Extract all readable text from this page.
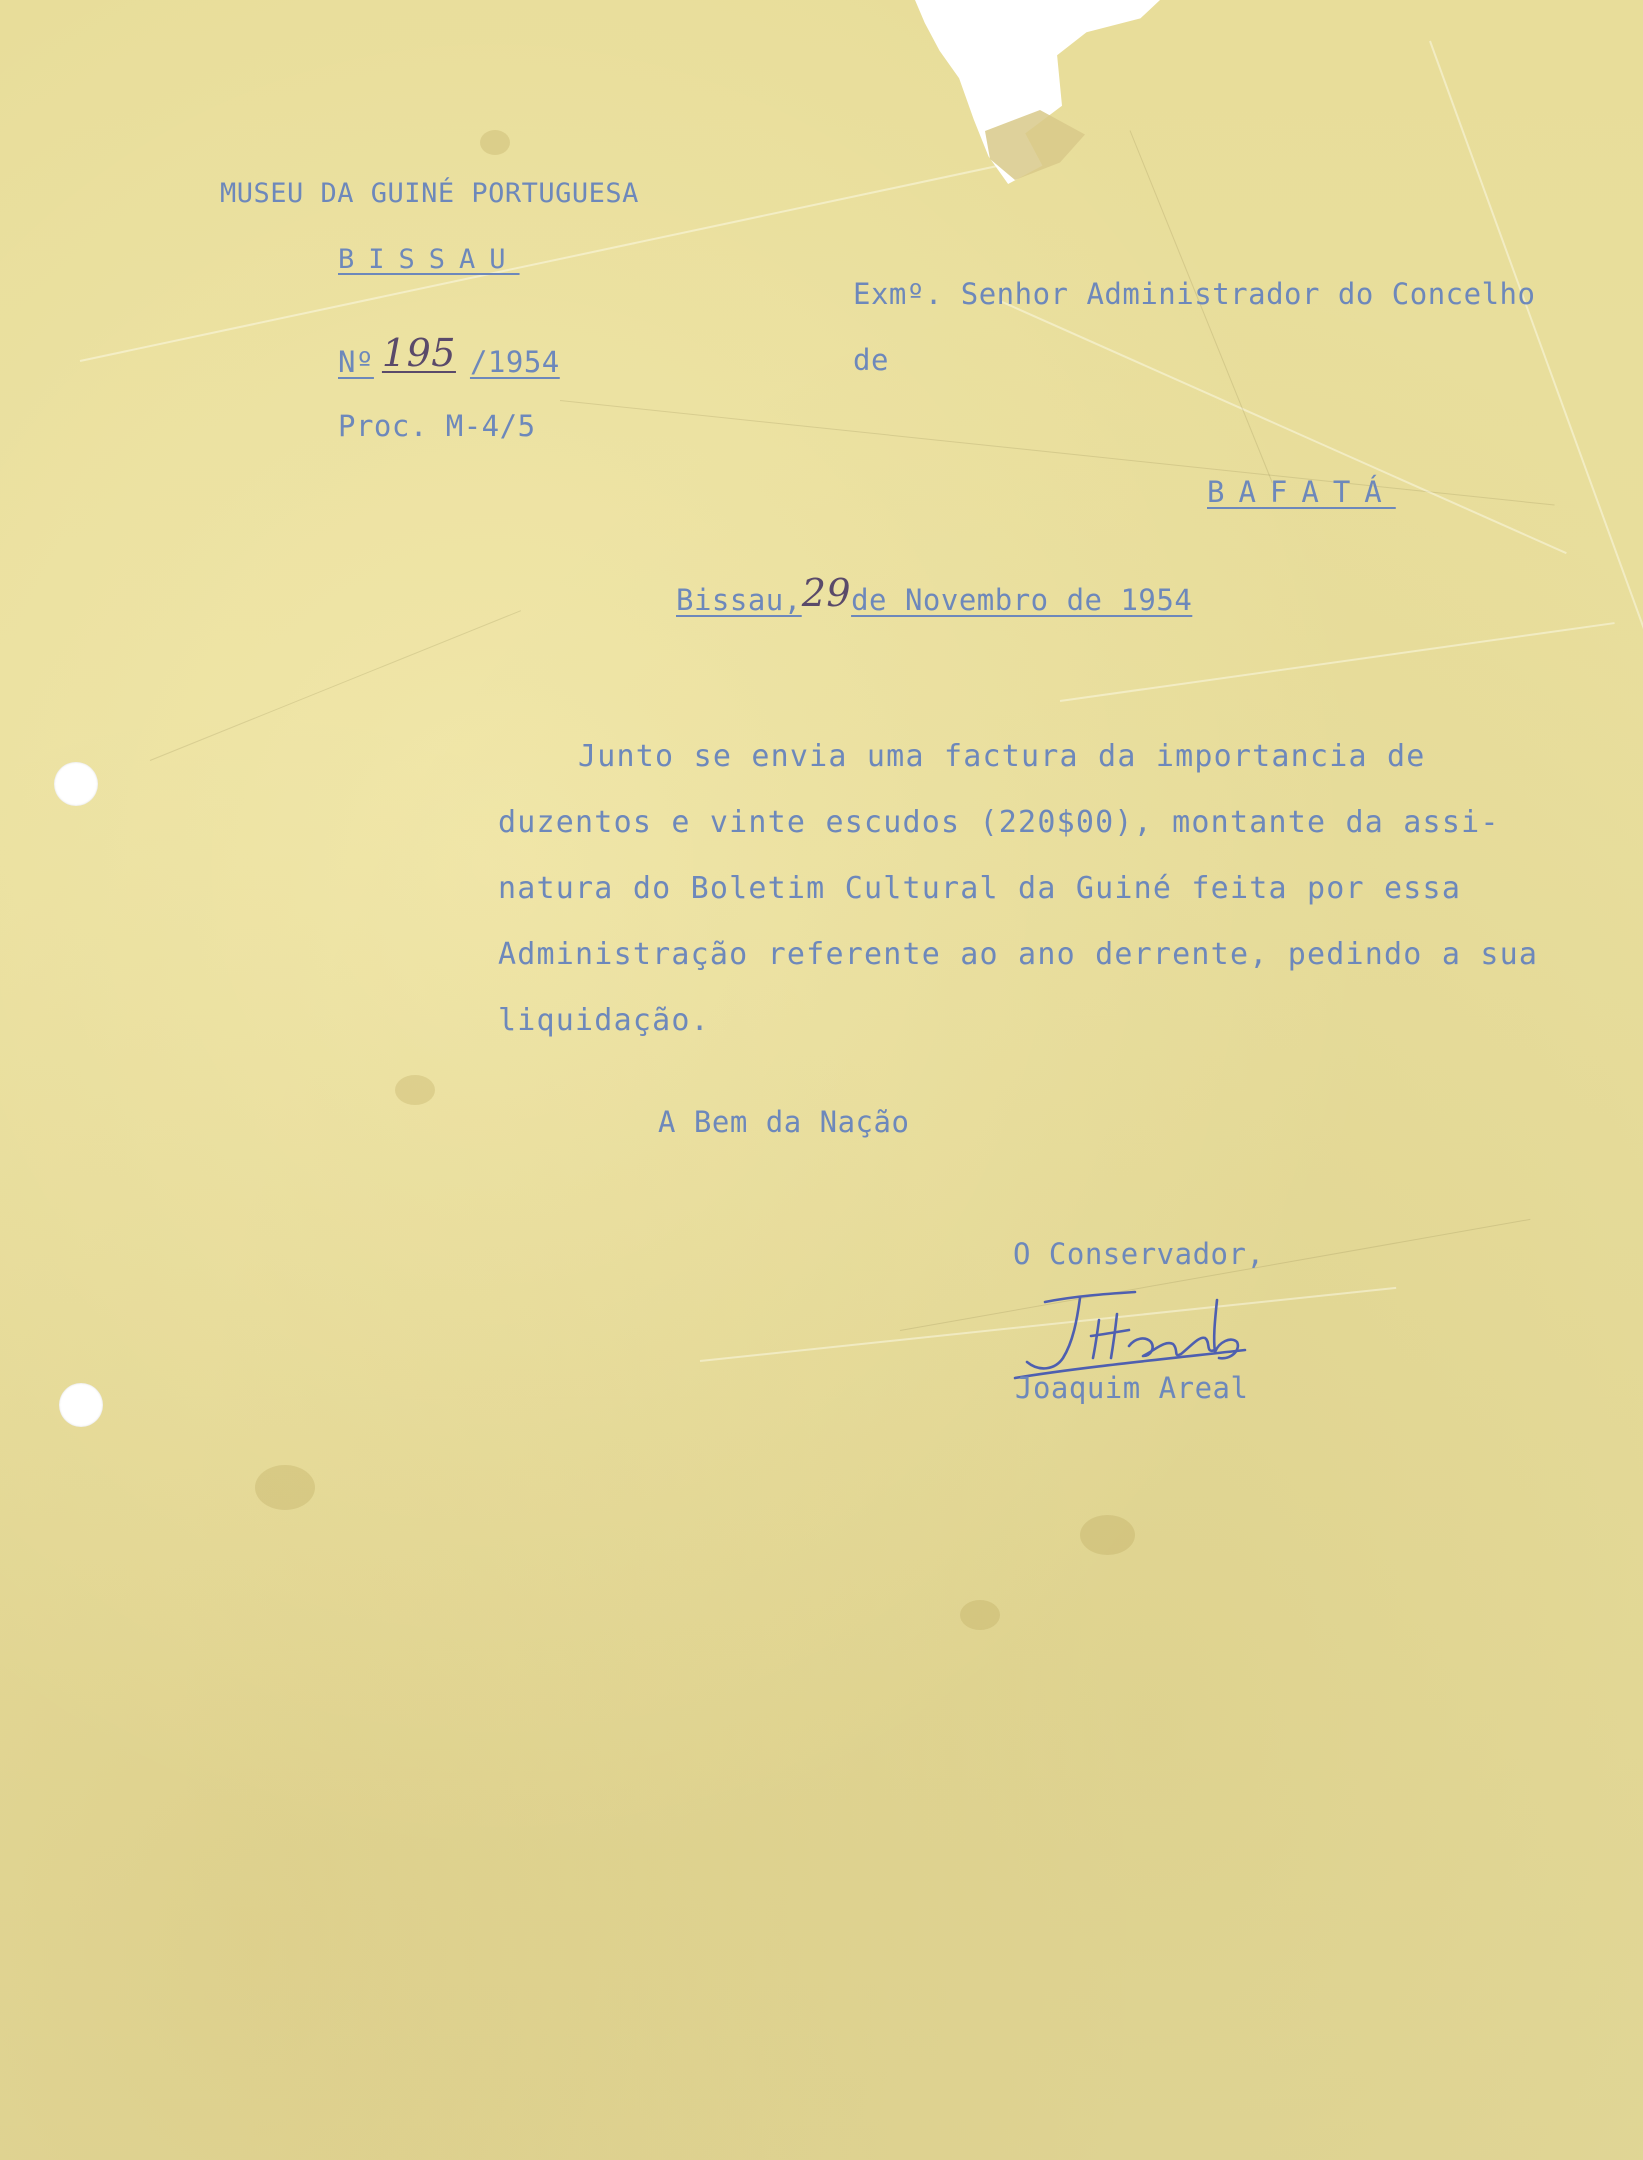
MUSEU DA GUINÉ PORTUGUESA
BISSAU
Nº 195 /1954
Proc. M-4/5
Exmº. Senhor Administrador do Concelho
de
BAFATÁ
Bissau,29de Novembro de 1954
Junto se envia uma factura da importancia de
duzentos e vinte escudos (220$00), montante da assi-
natura do Boletim Cultural da Guiné feita por essa
Administração referente ao ano derrente, pedindo a sua
liquidação.
A Bem da Nação
O Conservador,
Joaquim Areal
